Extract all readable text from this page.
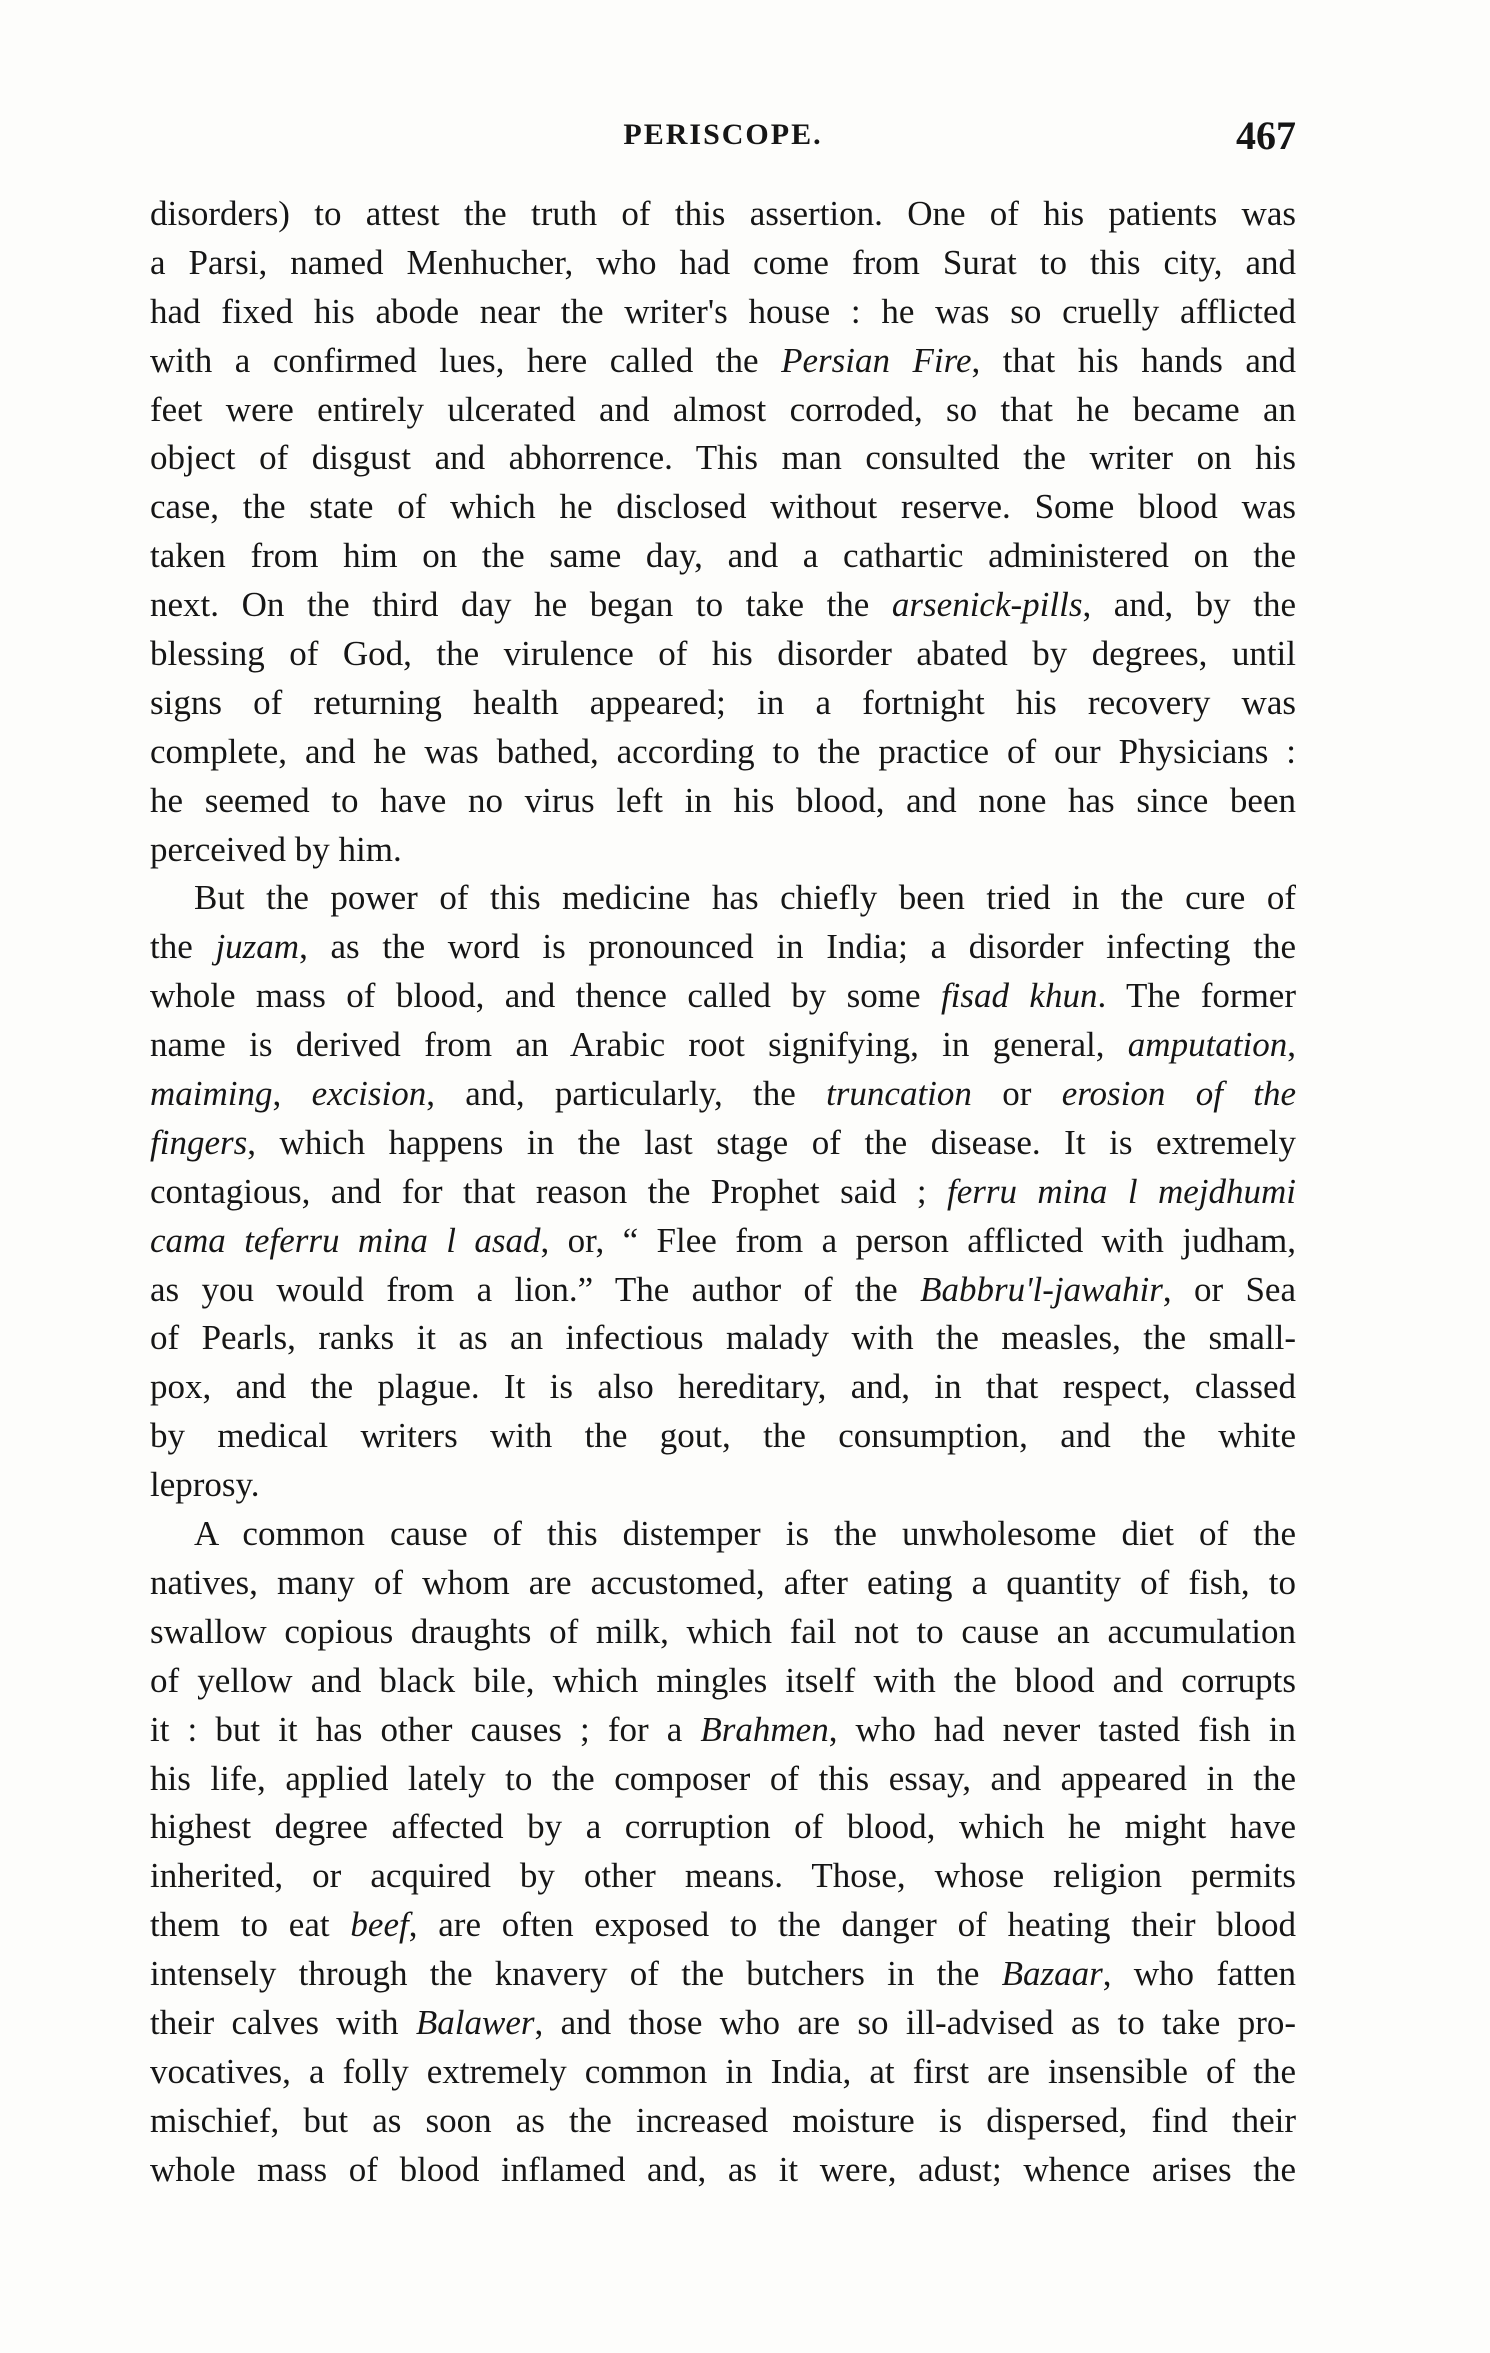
PERISCOPE.	467
disorders) to attest the truth of this assertion. One of his patients was
a Parsi, named Menhucher, who had come from Surat to this city, and
had fixed his abode near the writer's house : he was so cruelly afflicted
with a confirmed lues, here called the Persian Fire, that his hands and
feet were entirely ulcerated and almost corroded, so that he became an
object of disgust and abhorrence. This man consulted the writer on his
case, the state of which he disclosed without reserve. Some blood was
taken from him on the same day, and a cathartic administered on the
next. On the third day he began to take the arsenick-pills, and, by the
blessing of God, the virulence of his disorder abated by degrees, until
signs of returning health appeared; in a fortnight his recovery was
complete, and he was bathed, according to the practice of our Physicians :
he seemed to have no virus left in his blood, and none has since been
perceived by him.
But the power of this medicine has chiefly been tried in the cure of
the juzam, as the word is pronounced in India; a disorder infecting the
whole mass of blood, and thence called by some fisad khun. The former
name is derived from an Arabic root signifying, in general, amputation,
maiming, excision, and, particularly, the truncation or erosion of the
fingers, which happens in the last stage of the disease. It is extremely
contagious, and for that reason the Prophet said ; ferru mina l mejdhumi
cama teferru mina l asad, or, “ Flee from a person afflicted with judham,
as you would from a lion.” The author of the Babbru'l-jawahir, or Sea
of Pearls, ranks it as an infectious malady with the measles, the small-
pox, and the plague. It is also hereditary, and, in that respect, classed
by medical writers with the gout, the consumption, and the white
leprosy.
A common cause of this distemper is the unwholesome diet of the
natives, many of whom are accustomed, after eating a quantity of fish, to
swallow copious draughts of milk, which fail not to cause an accumulation
of yellow and black bile, which mingles itself with the blood and corrupts
it : but it has other causes ; for a Brahmen, who had never tasted fish in
his life, applied lately to the composer of this essay, and appeared in the
highest degree affected by a corruption of blood, which he might have
inherited, or acquired by other means. Those, whose religion permits
them to eat beef, are often exposed to the danger of heating their blood
intensely through the knavery of the butchers in the Bazaar, who fatten
their calves with Balawer, and those who are so ill-advised as to take pro-
vocatives, a folly extremely common in India, at first are insensible of the
mischief, but as soon as the increased moisture is dispersed, find their
whole mass of blood inflamed and, as it were, adust; whence arises the
